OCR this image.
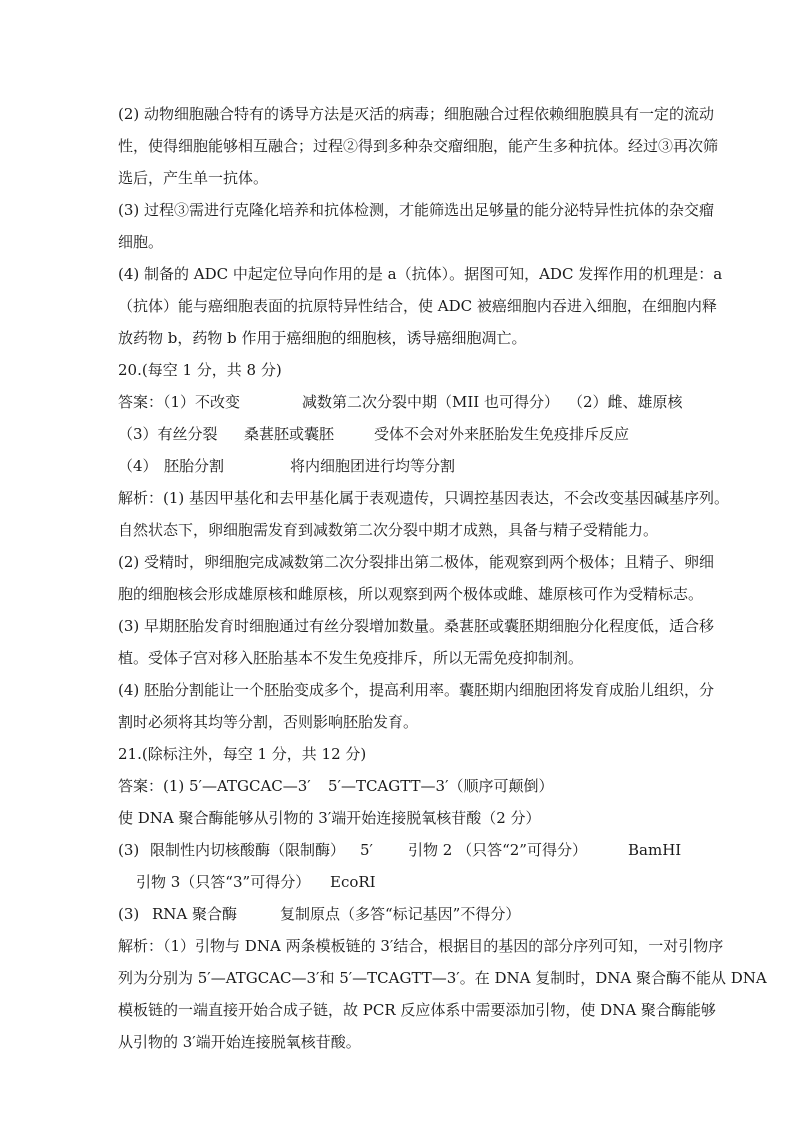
(2) 动物细胞融合特有的诱导方法是灭活的病毒；细胞融合过程依赖细胞膜具有一定的流动
性，使得细胞能够相互融合；过程②得到多种杂交瘤细胞，能产生多种抗体。经过③再次筛
选后，产生单一抗体。
(3) 过程③需进行克隆化培养和抗体检测，才能筛选出足够量的能分泌特异性抗体的杂交瘤
细胞。
(4) 制备的 ADC 中起定位导向作用的是 a（抗体）。据图可知，ADC 发挥作用的机理是：a
（抗体）能与癌细胞表面的抗原特异性结合，使 ADC 被癌细胞内吞进入细胞，在细胞内释
放药物 b，药物 b 作用于癌细胞的细胞核，诱导癌细胞凋亡。
20.(每空 1 分，共 8 分)
答案：（1）不改变	减数第二次分裂中期（MII 也可得分） （2）雌、雄原核
（3）有丝分裂 桑葚胚或囊胚	受体不会对外来胚胎发生免疫排斥反应
（4） 胚胎分割	将内细胞团进行均等分割
解析：(1) 基因甲基化和去甲基化属于表观遗传，只调控基因表达，不会改变基因碱基序列。
自然状态下，卵细胞需发育到减数第二次分裂中期才成熟，具备与精子受精能力。
(2) 受精时，卵细胞完成减数第二次分裂排出第二极体，能观察到两个极体；且精子、卵细
胞的细胞核会形成雄原核和雌原核，所以观察到两个极体或雌、雄原核可作为受精标志。
(3) 早期胚胎发育时细胞通过有丝分裂增加数量。桑葚胚或囊胚期细胞分化程度低，适合移
植。受体子宫对移入胚胎基本不发生免疫排斥，所以无需免疫抑制剂。
(4) 胚胎分割能让一个胚胎变成多个，提高利用率。囊胚期内细胞团将发育成胎儿组织，分
割时必须将其均等分割，否则影响胚胎发育。
21.(除标注外，每空 1 分，共 12 分)
答案：(1) 5′—ATGCAC—3′ 5′—TCAGTT—3′（顺序可颠倒）
使 DNA 聚合酶能够从引物的 3′端开始连接脱氧核苷酸（2 分）
(3) 限制性内切核酸酶（限制酶） 5′ 引物 2 （只答“2”可得分）	BamHI
引物 3（只答“3”可得分） EcoRI
(3) RNA 聚合酶	复制原点（多答“标记基因”不得分）
解析：（1）引物与 DNA 两条模板链的 3′结合，根据目的基因的部分序列可知，一对引物序
列为分别为 5′—ATGCAC—3′和 5′—TCAGTT—3′。在 DNA 复制时，DNA 聚合酶不能从 DNA
模板链的一端直接开始合成子链，故 PCR 反应体系中需要添加引物，使 DNA 聚合酶能够
从引物的 3′端开始连接脱氧核苷酸。
